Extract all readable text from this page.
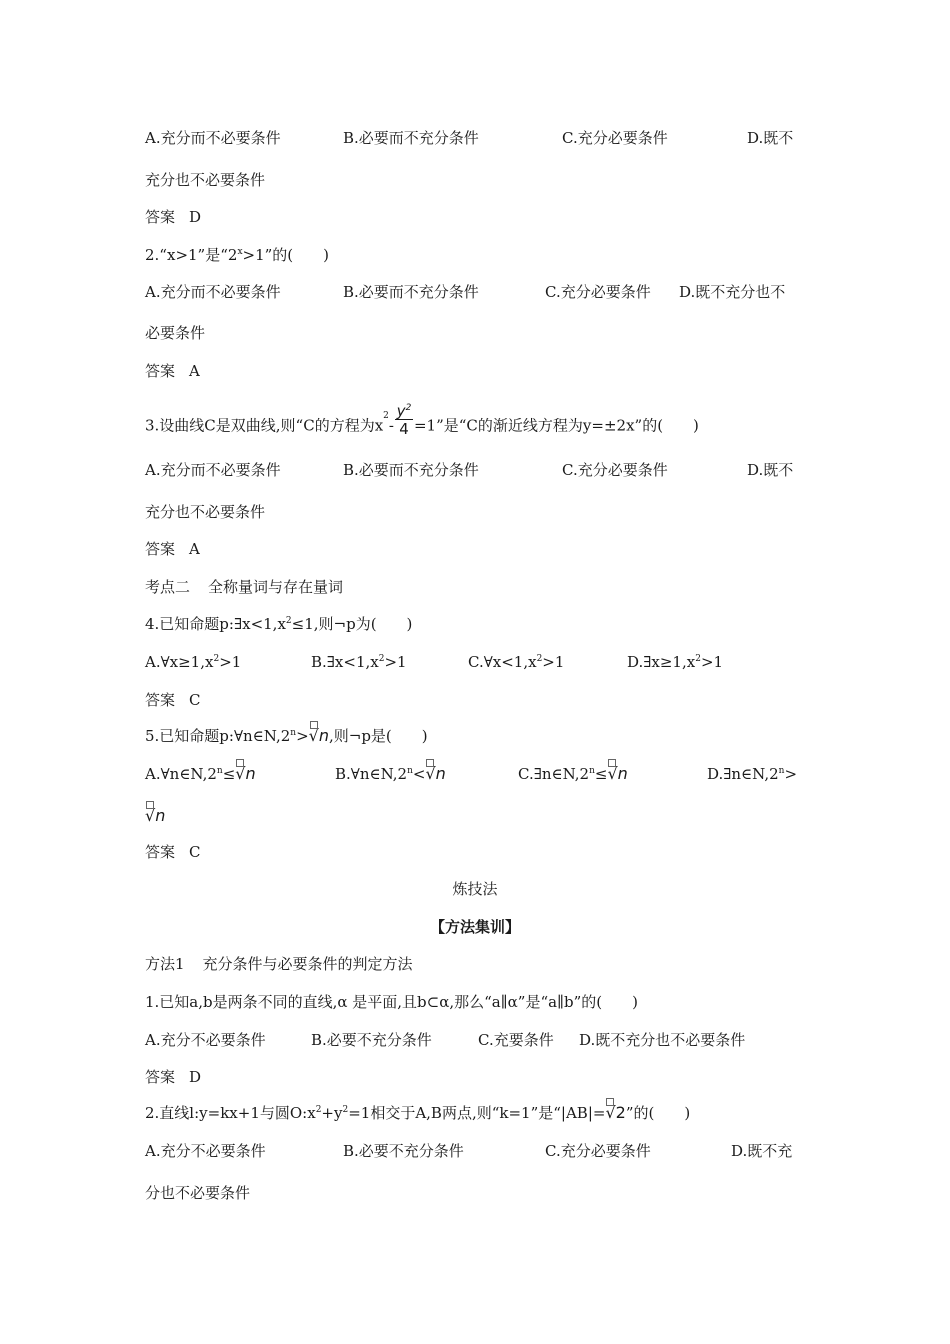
A.充分而不必要条件	B.必要而不充分条件	C.充分必要条件	D.既不
充分也不必要条件
答案 D
2.“x>1”是“$2^x>1$”的(　　)
A.充分而不必要条件	B.必要而不充分条件	C.充分必要条件 D.既不充分也不
必要条件
答案 A
3.设曲线C是双曲线,则“C的方程为$x^2- \frac{y^2}{4} =1$”是“C的渐近线方程为y=±2x”的(　　)
A.充分而不必要条件	B.必要而不充分条件	C.充分必要条件	D.既不
充分也不必要条件
答案 A
考点二 全称量词与存在量词
4.已知命题$p:\exists x<1,x^2\le 1$,则¬p为(　　)
$A.\forall x\ge 1,x^2>1$	$B.\exists x<1,x^2>1$	$C.\forall x<1,x^2>1$	$D.\exists x\ge 1,x^2>1$
答案 C
5.已知命题$p:\forall n\in N,2^n>$
√n,则¬p是(　　)
$A.\forall n\in N,2^n\le$
√n	$B.\forall n\in N,2^n<$
√n	$C.\exists n\in N,2^n\le$
√n	$D.\exists n\in N,2^n>$
√n
答案 C
炼技法
【方法集训】
方法1 充分条件与必要条件的判定方法
1.已知a,b是两条不同的直线,α 是平面,且b⊂α,那么“a∥α”是“a∥b”的(　　)
A.充分不必要条件	B.必要不充分条件	C.充要条件 D.既不充分也不必要条件
答案 D
2.直线l:y=kx+1与圆$O:x^2+y^2=1$相交于A,B两点,则“k=1”是“|AB|=
√2”的(　　)
A.充分不必要条件	B.必要不充分条件	C.充分必要条件	D.既不充
分也不必要条件
